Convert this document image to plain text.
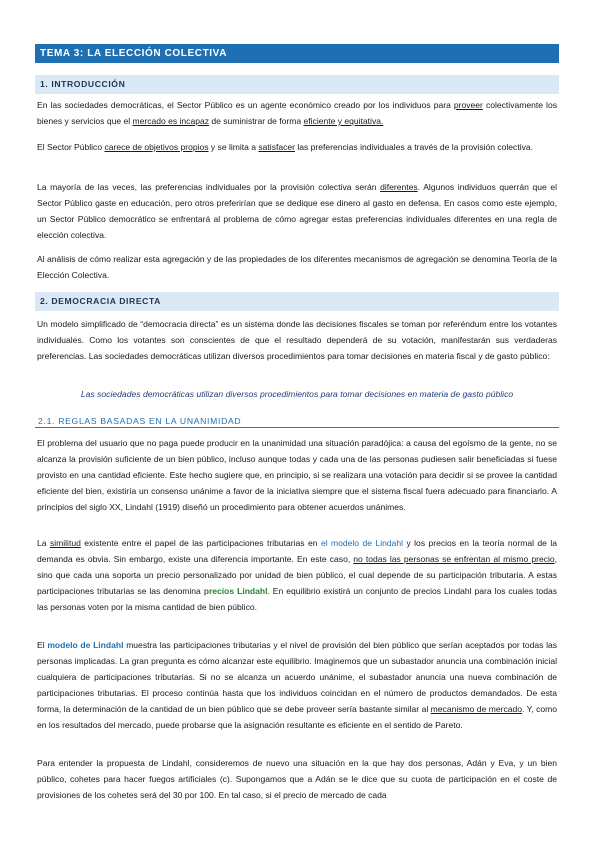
TEMA 3: LA ELECCIÓN COLECTIVA
1. INTRODUCCIÓN

En las sociedades democráticas, el Sector Público es un agente económico creado por los individuos para proveer colectivamente los bienes y servicios que el mercado es incapaz de suministrar de forma eficiente y equitativa.

El Sector Público carece de objetivos propios y se limita a satisfacer las preferencias individuales a través de la provisión colectiva.

La mayoría de las veces, las preferencias individuales por la provisión colectiva serán diferentes. Algunos individuos querrán que el Sector Público gaste en educación, pero otros preferirían que se dedique ese dinero al gasto en defensa. En casos como este ejemplo, un Sector Público democrático se enfrentará al problema de cómo agregar estas preferencias individuales diferentes en una regla de elección colectiva.

Al análisis de cómo realizar esta agregación y de las propiedades de los diferentes mecanismos de agregación se denomina Teoría de la Elección Colectiva.

2. DEMOCRACIA DIRECTA

Un modelo simplificado de “democracia directa” es un sistema donde las decisiones fiscales se toman por referéndum entre los votantes individuales. Como los votantes son conscientes de que el resultado dependerá de su votación, manifestarán sus verdaderas preferencias. Las sociedades democráticas utilizan diversos procedimientos para tomar decisiones en materia fiscal y de gasto público:

Las sociedades democráticas utilizan diversos procedimientos para tomar decisiones en materia de gasto público

2.1. REGLAS BASADAS EN LA UNANIMIDAD

El problema del usuario que no paga puede producir en la unanimidad una situación paradójica: a causa del egoísmo de la gente, no se alcanza la provisión suficiente de un bien público, incluso aunque todas y cada una de las personas pudiesen salir beneficiadas si fuese provisto en una cantidad eficiente. Este hecho sugiere que, en principio, si se realizara una votación para decidir si se provee la cantidad eficiente del bien, existiría un consenso unánime a favor de la iniciativa siempre que el sistema fiscal fuera adecuado para financiarlo. A principios del siglo XX, Lindahl (1919) diseñó un procedimiento para obtener acuerdos unánimes.

La similitud existente entre el papel de las participaciones tributarias en el modelo de Lindahl y los precios en la teoría normal de la demanda es obvia. Sin embargo, existe una diferencia importante. En este caso, no todas las personas se enfrentan al mismo precio, sino que cada una soporta un precio personalizado por unidad de bien público, el cual depende de su participación tributaria. A estas participaciones tributarias se las denomina precios Lindahl. En equilibrio existirá un conjunto de precios Lindahl para los cuales todas las personas voten por la misma cantidad de bien público.

El modelo de Lindahl muestra las participaciones tributarias y el nivel de provisión del bien público que serían aceptados por todas las personas implicadas. La gran pregunta es cómo alcanzar este equilibrio. Imaginemos que un subastador anuncia una combinación inicial cualquiera de participaciones tributarias. Si no se alcanza un acuerdo unánime, el subastador anuncia una nueva combinación de participaciones tributarias. El proceso continúa hasta que los individuos coincidan en el número de productos demandados. De esta forma, la determinación de la cantidad de un bien público que se debe proveer sería bastante similar al mecanismo de mercado. Y, como en los resultados del mercado, puede probarse que la asignación resultante es eficiente en el sentido de Pareto.

Para entender la propuesta de Lindahl, consideremos de nuevo una situación en la que hay dos personas, Adán y Eva, y un bien público, cohetes para hacer fuegos artificiales (c). Supongamos que a Adán se le dice que su cuota de participación en el coste de provisiones de los cohetes será del 30 por 100. En tal caso, si el precio de mercado de cada
